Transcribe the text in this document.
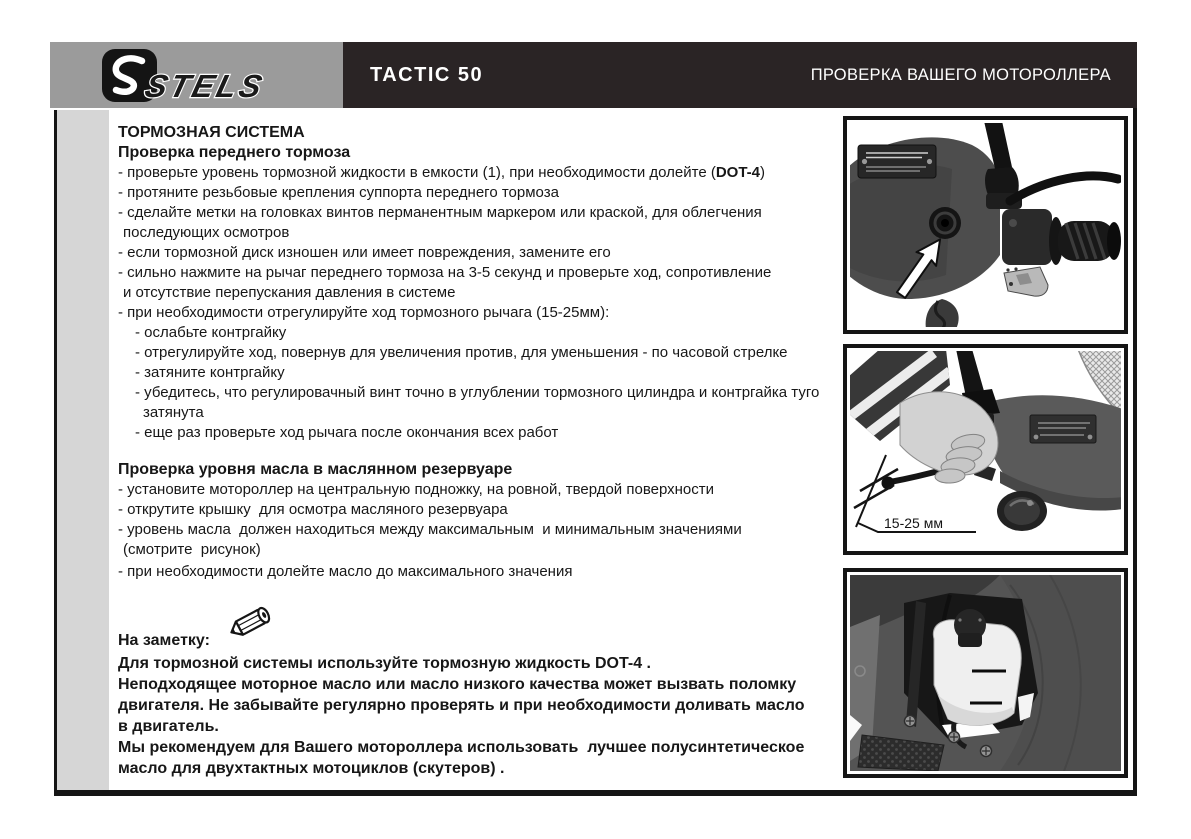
TACTIC 50	ПРОВЕРКА ВАШЕГО МОТОРОЛЛЕРА
STELS
ТОРМОЗНАЯ СИСТЕМА
Проверка переднего тормоза
- проверьте уровень тормозной жидкости в емкости (1), при необходимости долейте (DOT-4)
- протяните резьбовые крепления суппорта переднего тормоза
- сделайте метки на головках винтов перманентным маркером или краской, для облегчения
последующих осмотров
- если тормозной диск изношен или имеет повреждения, замените его
- сильно нажмите на рычаг переднего тормоза на 3-5 секунд и проверьте ход, сопротивление
и отсутствие перепускания давления в системе
- при необходимости отрегулируйте ход тормозного рычага (15-25мм):
- ослабьте контргайку
- отрегулируйте ход, повернув для увеличения против, для уменьшения - по часовой стрелке
- затяните контргайку
- убедитесь, что регулировачный винт точно в углублении тормозного цилиндра и контргайка туго
затянута
- еще раз проверьте ход рычага после окончания всех работ
Проверка уровня масла в маслянном резервуаре
- установите мотороллер на центральную подножку, на ровной, твердой поверхности
- открутите крышку  для осмотра масляного резервуара
- уровень масла  должен находиться между максимальным  и минимальным значениями
(смотрите  рисунок)
- при необходимости долейте масло до максимального значения
На заметку:
Для тормозной системы используйте тормозную жидкость DOT-4 .
Неподходящее моторное масло или масло низкого качества может вызвать поломку
двигателя. Не забывайте регулярно проверять и при необходимости доливать масло
в двигатель.
Мы рекомендуем для Вашего мотороллера использовать  лучшее полусинтетическое
масло для двухтактных мотоциклов (скутеров) .
15-25 мм
